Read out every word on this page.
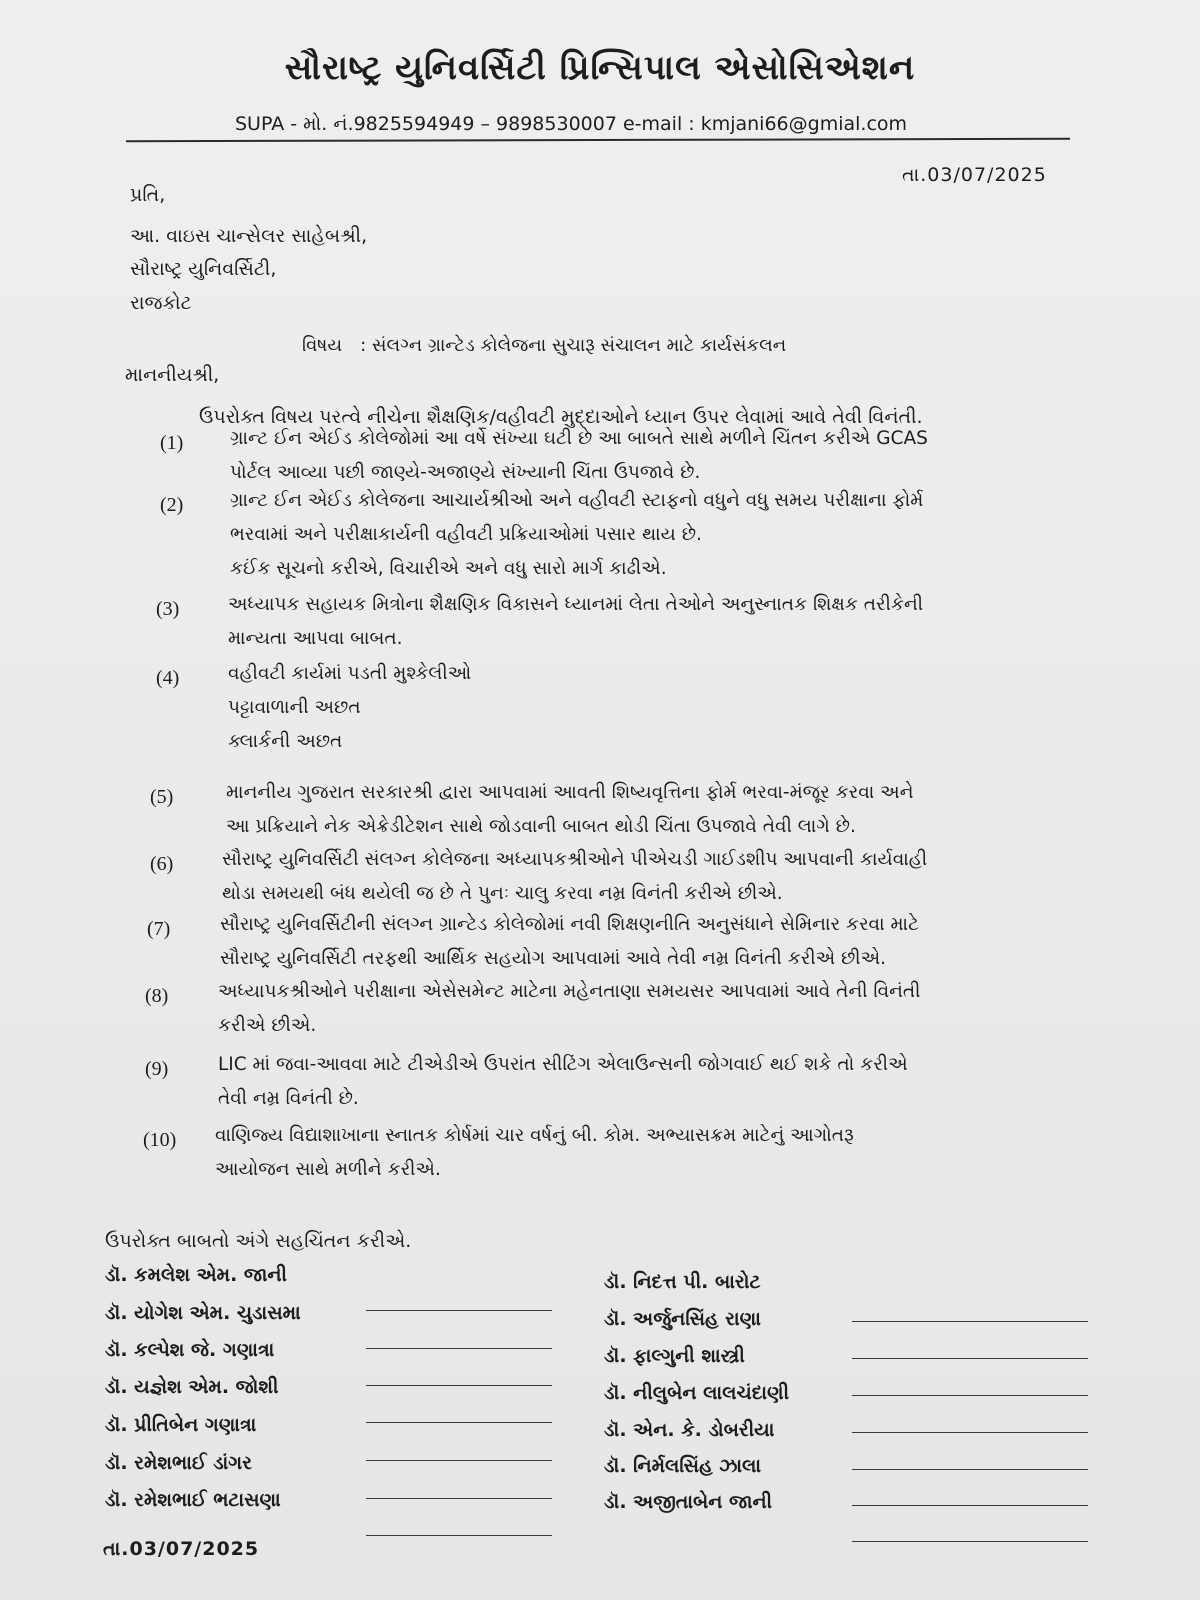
સૌરાષ્ટ્ર યુનિવર્સિટી પ્રિન્સિપાલ એસોસિએશન
SUPA - મો. નં.9825594949 – 9898530007 e-mail : kmjani66@gmial.com
તા.03/07/2025
પ્રતિ,
આ. વાઇસ ચાન્સેલર સાહેબશ્રી,
સૌરાષ્ટ્ર યુનિવર્સિટી,
રાજકોટ
વિષય : સંલગ્ન ગ્રાન્ટેડ કોલેજના સુચારૂ સંચાલન માટે કાર્યસંકલન
માનનીયશ્રી,
ઉપરોક્ત વિષય પરત્વે નીચેના શૈક્ષણિક/વહીવટી મુદ્દાઓને ધ્યાન ઉપર લેવામાં આવે તેવી વિનંતી.
(1)	ગ્રાન્ટ ઈન એઈડ કોલેજોમાં આ વર્ષે સંખ્યા ઘટી છે આ બાબતે સાથે મળીને ચિંતન કરીએ GCAS
પોર્ટલ આવ્યા પછી જાણ્યે-અજાણ્યે સંખ્યાની ચિંતા ઉપજાવે છે.
(2)	ગ્રાન્ટ ઈન એઈડ કોલેજના આચાર્યશ્રીઓ અને વહીવટી સ્ટાફનો વધુને વધુ સમય પરીક્ષાના ફોર્મ
ભરવામાં અને પરીક્ષાકાર્યની વહીવટી પ્રક્રિયાઓમાં પસાર થાય છે.
કઈંક સૂચનો કરીએ, વિચારીએ અને વધુ સારો માર્ગ કાઢીએ.
(3)	અધ્યાપક સહાયક મિત્રોના શૈક્ષણિક વિકાસને ધ્યાનમાં લેતા તેઓને અનુસ્નાતક શિક્ષક તરીકેની
માન્યતા આપવા બાબત.
(4)	વહીવટી કાર્યમાં પડતી મુશ્કેલીઓ
પટ્ટાવાળાની અછત
ક્લાર્કની અછત
(5)	માનનીય ગુજરાત સરકારશ્રી દ્વારા આપવામાં આવતી શિષ્યવૃત્તિના ફોર્મ ભરવા-મંજૂર કરવા અને
આ પ્રક્રિયાને નેક એક્રેડીટેશન સાથે જોડવાની બાબત થોડી ચિંતા ઉપજાવે તેવી લાગે છે.
(6)	સૌરાષ્ટ્ર યુનિવર્સિટી સંલગ્ન કોલેજના અધ્યાપકશ્રીઓને પીએચડી ગાઈડશીપ આપવાની કાર્યવાહી
થોડા સમયથી બંધ થયેલી જ છે તે પુનઃ ચાલુ કરવા નમ્ર વિનંતી કરીએ છીએ.
(7)	સૌરાષ્ટ્ર યુનિવર્સિટીની સંલગ્ન ગ્રાન્ટેડ કોલેજોમાં નવી શિક્ષણનીતિ અનુસંધાને સેમિનાર કરવા માટે
સૌરાષ્ટ્ર યુનિવર્સિટી તરફથી આર્થિક સહયોગ આપવામાં આવે તેવી નમ્ર વિનંતી કરીએ છીએ.
(8)	અધ્યાપકશ્રીઓને પરીક્ષાના એસેસમેન્ટ માટેના મહેનતાણા સમયસર આપવામાં આવે તેની વિનંતી
કરીએ છીએ.
(9)	LIC માં જવા-આવવા માટે ટીએડીએ ઉપરાંત સીટિંગ એલાઉન્સની જોગવાઈ થઈ શકે તો કરીએ
તેવી નમ્ર વિનંતી છે.
(10) વાણિજ્ય વિદ્યાશાખાના સ્નાતક કોર્ષમાં ચાર વર્ષનું બી. કોમ. અભ્યાસક્રમ માટેનું આગોતરૂ
આયોજન સાથે મળીને કરીએ.
ઉપરોક્ત બાબતો અંગે સહચિંતન કરીએ.
ડૉ. કમલેશ એમ. જાની
ડૉ. યોગેશ એમ. ચુડાસમા
ડૉ. કલ્પેશ જે. ગણાત્રા
ડૉ. યજ્ઞેશ એમ. જોશી
ડૉ. પ્રીતિબેન ગણાત્રા
ડૉ. રમેશભાઈ ડાંગર
ડૉ. રમેશભાઈ ભટાસણા
ડૉ. નિદત્ત પી. બારોટ
ડૉ. અર્જુનસિંહ રાણા
ડૉ. ફાલ્ગુની શાસ્ત્રી
ડૉ. નીલુબેન લાલચંદાણી
ડૉ. એન. કે. ડોબરીયા
ડૉ. નિર્મલસિંહ ઝાલા
ડૉ. અજીતાબેન જાની
તા.03/07/2025
